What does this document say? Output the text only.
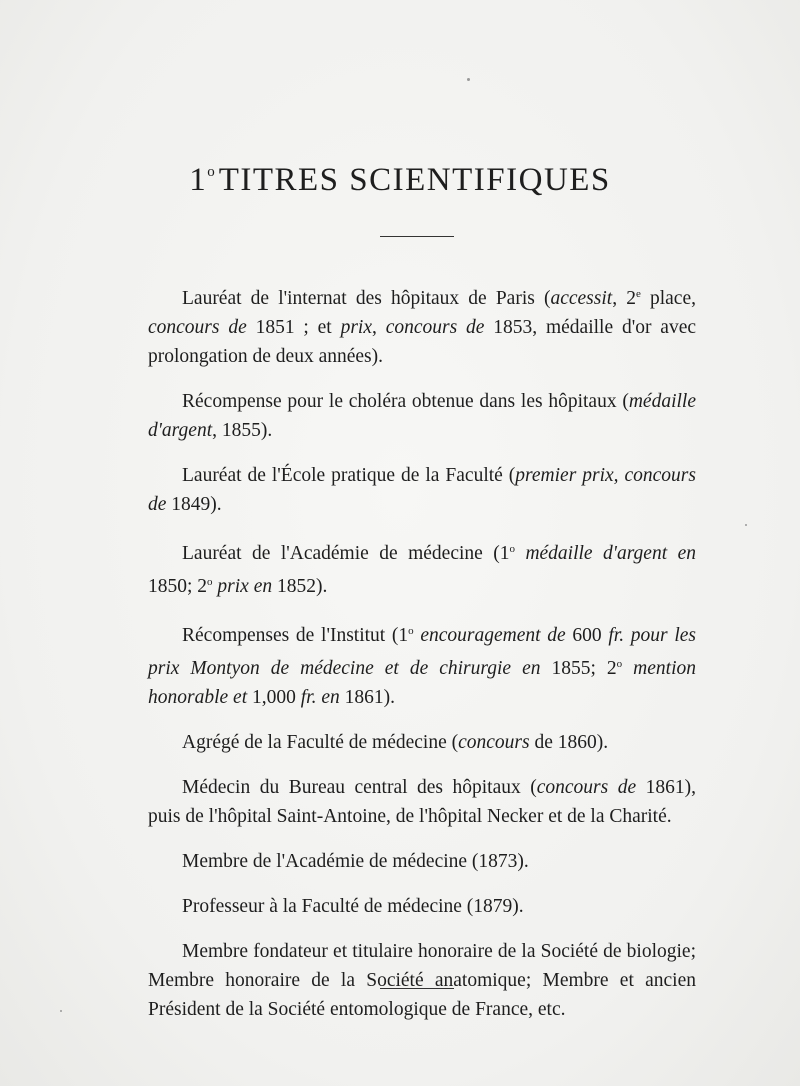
1$^o$ TITRES SCIENTIFIQUES

Lauréat de l'internat des hôpitaux de Paris (accessit, 2e place, concours de 1851 ; et prix, concours de 1853, médaille d'or avec prolongation de deux années).

Récompense pour le choléra obtenue dans les hôpitaux (médaille d'argent, 1855).

Lauréat de l'École pratique de la Faculté (premier prix, concours de 1849).

Lauréat de l'Académie de médecine (1$^o$ médaille d'argent en 1850; 2$^o$ prix en 1852).

Récompenses de l'Institut (1$^o$ encouragement de 600 fr. pour les prix Montyon de médecine et de chirurgie en 1855; 2$^o$ mention honorable et 1,000 fr. en 1861).

Agrégé de la Faculté de médecine (concours de 1860).

Médecin du Bureau central des hôpitaux (concours de 1861), puis de l'hôpital Saint-Antoine, de l'hôpital Necker et de la Charité.

Membre de l'Académie de médecine (1873).

Professeur à la Faculté de médecine (1879).

Membre fondateur et titulaire honoraire de la Société de biologie; Membre honoraire de la Société anatomique; Membre et ancien Président de la Société entomologique de France, etc.
